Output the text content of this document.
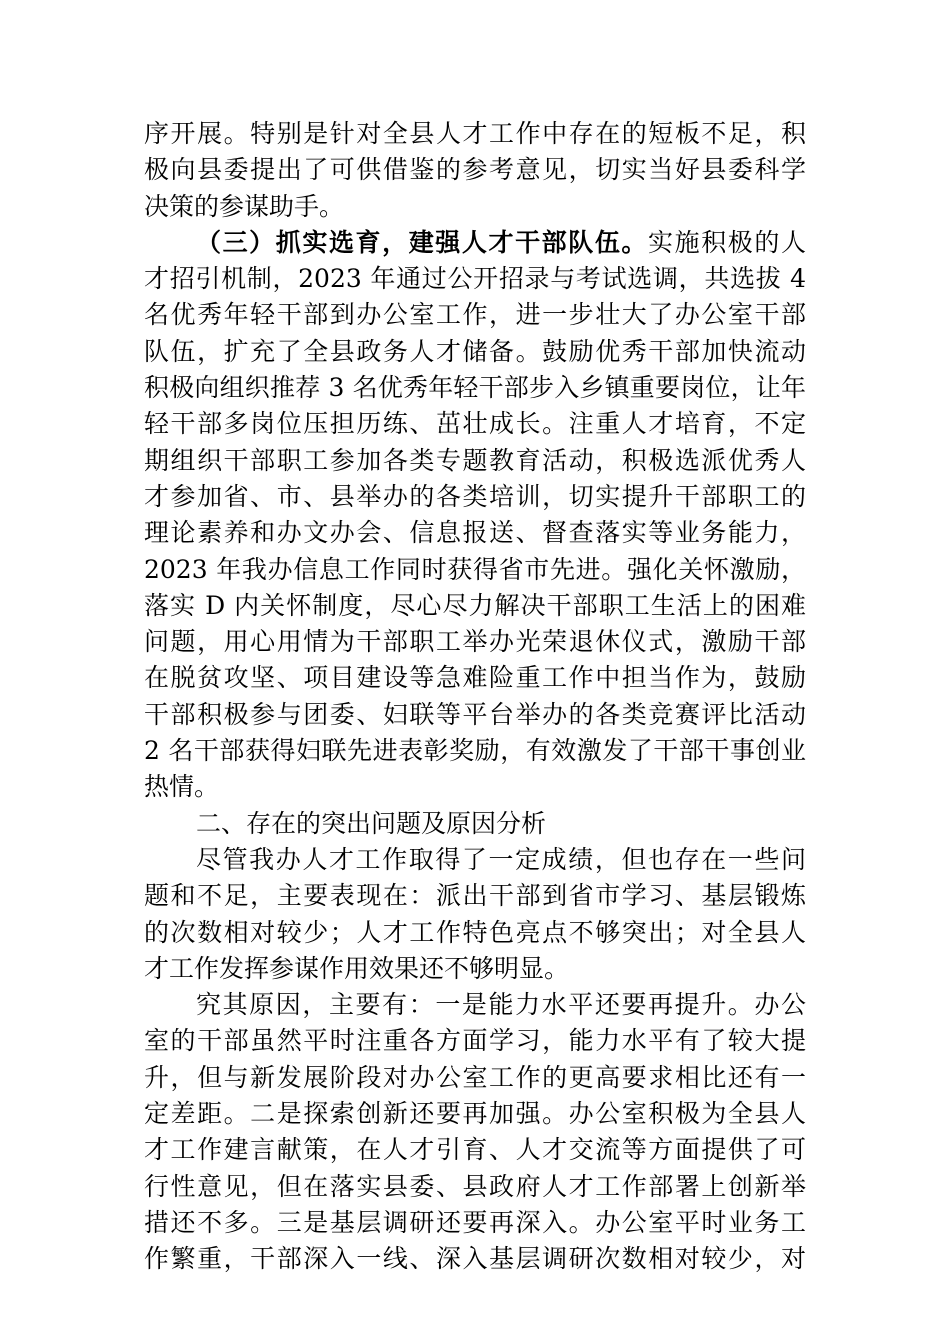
序开展。特别是针对全县人才工作中存在的短板不足，积
极向县委提出了可供借鉴的参考意见，切实当好县委科学
决策的参谋助手。
（三）抓实选育，建强人才干部队伍。实施积极的人
才招引机制，2023 年通过公开招录与考试选调，共选拔 4
名优秀年轻干部到办公室工作，进一步壮大了办公室干部
队伍，扩充了全县政务人才储备。鼓励优秀干部加快流动
积极向组织推荐 3 名优秀年轻干部步入乡镇重要岗位，让年
轻干部多岗位压担历练、茁壮成长。注重人才培育，不定
期组织干部职工参加各类专题教育活动，积极选派优秀人
才参加省、市、县举办的各类培训，切实提升干部职工的
理论素养和办文办会、信息报送、督查落实等业务能力，
2023 年我办信息工作同时获得省市先进。强化关怀激励，
落实 D 内关怀制度，尽心尽力解决干部职工生活上的困难
问题，用心用情为干部职工举办光荣退休仪式，激励干部
在脱贫攻坚、项目建设等急难险重工作中担当作为，鼓励
干部积极参与团委、妇联等平台举办的各类竞赛评比活动
2 名干部获得妇联先进表彰奖励，有效激发了干部干事创业
热情。
二、存在的突出问题及原因分析
尽管我办人才工作取得了一定成绩，但也存在一些问
题和不足，主要表现在：派出干部到省市学习、基层锻炼
的次数相对较少；人才工作特色亮点不够突出；对全县人
才工作发挥参谋作用效果还不够明显。
究其原因，主要有：一是能力水平还要再提升。办公
室的干部虽然平时注重各方面学习，能力水平有了较大提
升，但与新发展阶段对办公室工作的更高要求相比还有一
定差距。二是探索创新还要再加强。办公室积极为全县人
才工作建言献策，在人才引育、人才交流等方面提供了可
行性意见，但在落实县委、县政府人才工作部署上创新举
措还不多。三是基层调研还要再深入。办公室平时业务工
作繁重，干部深入一线、深入基层调研次数相对较少，对
